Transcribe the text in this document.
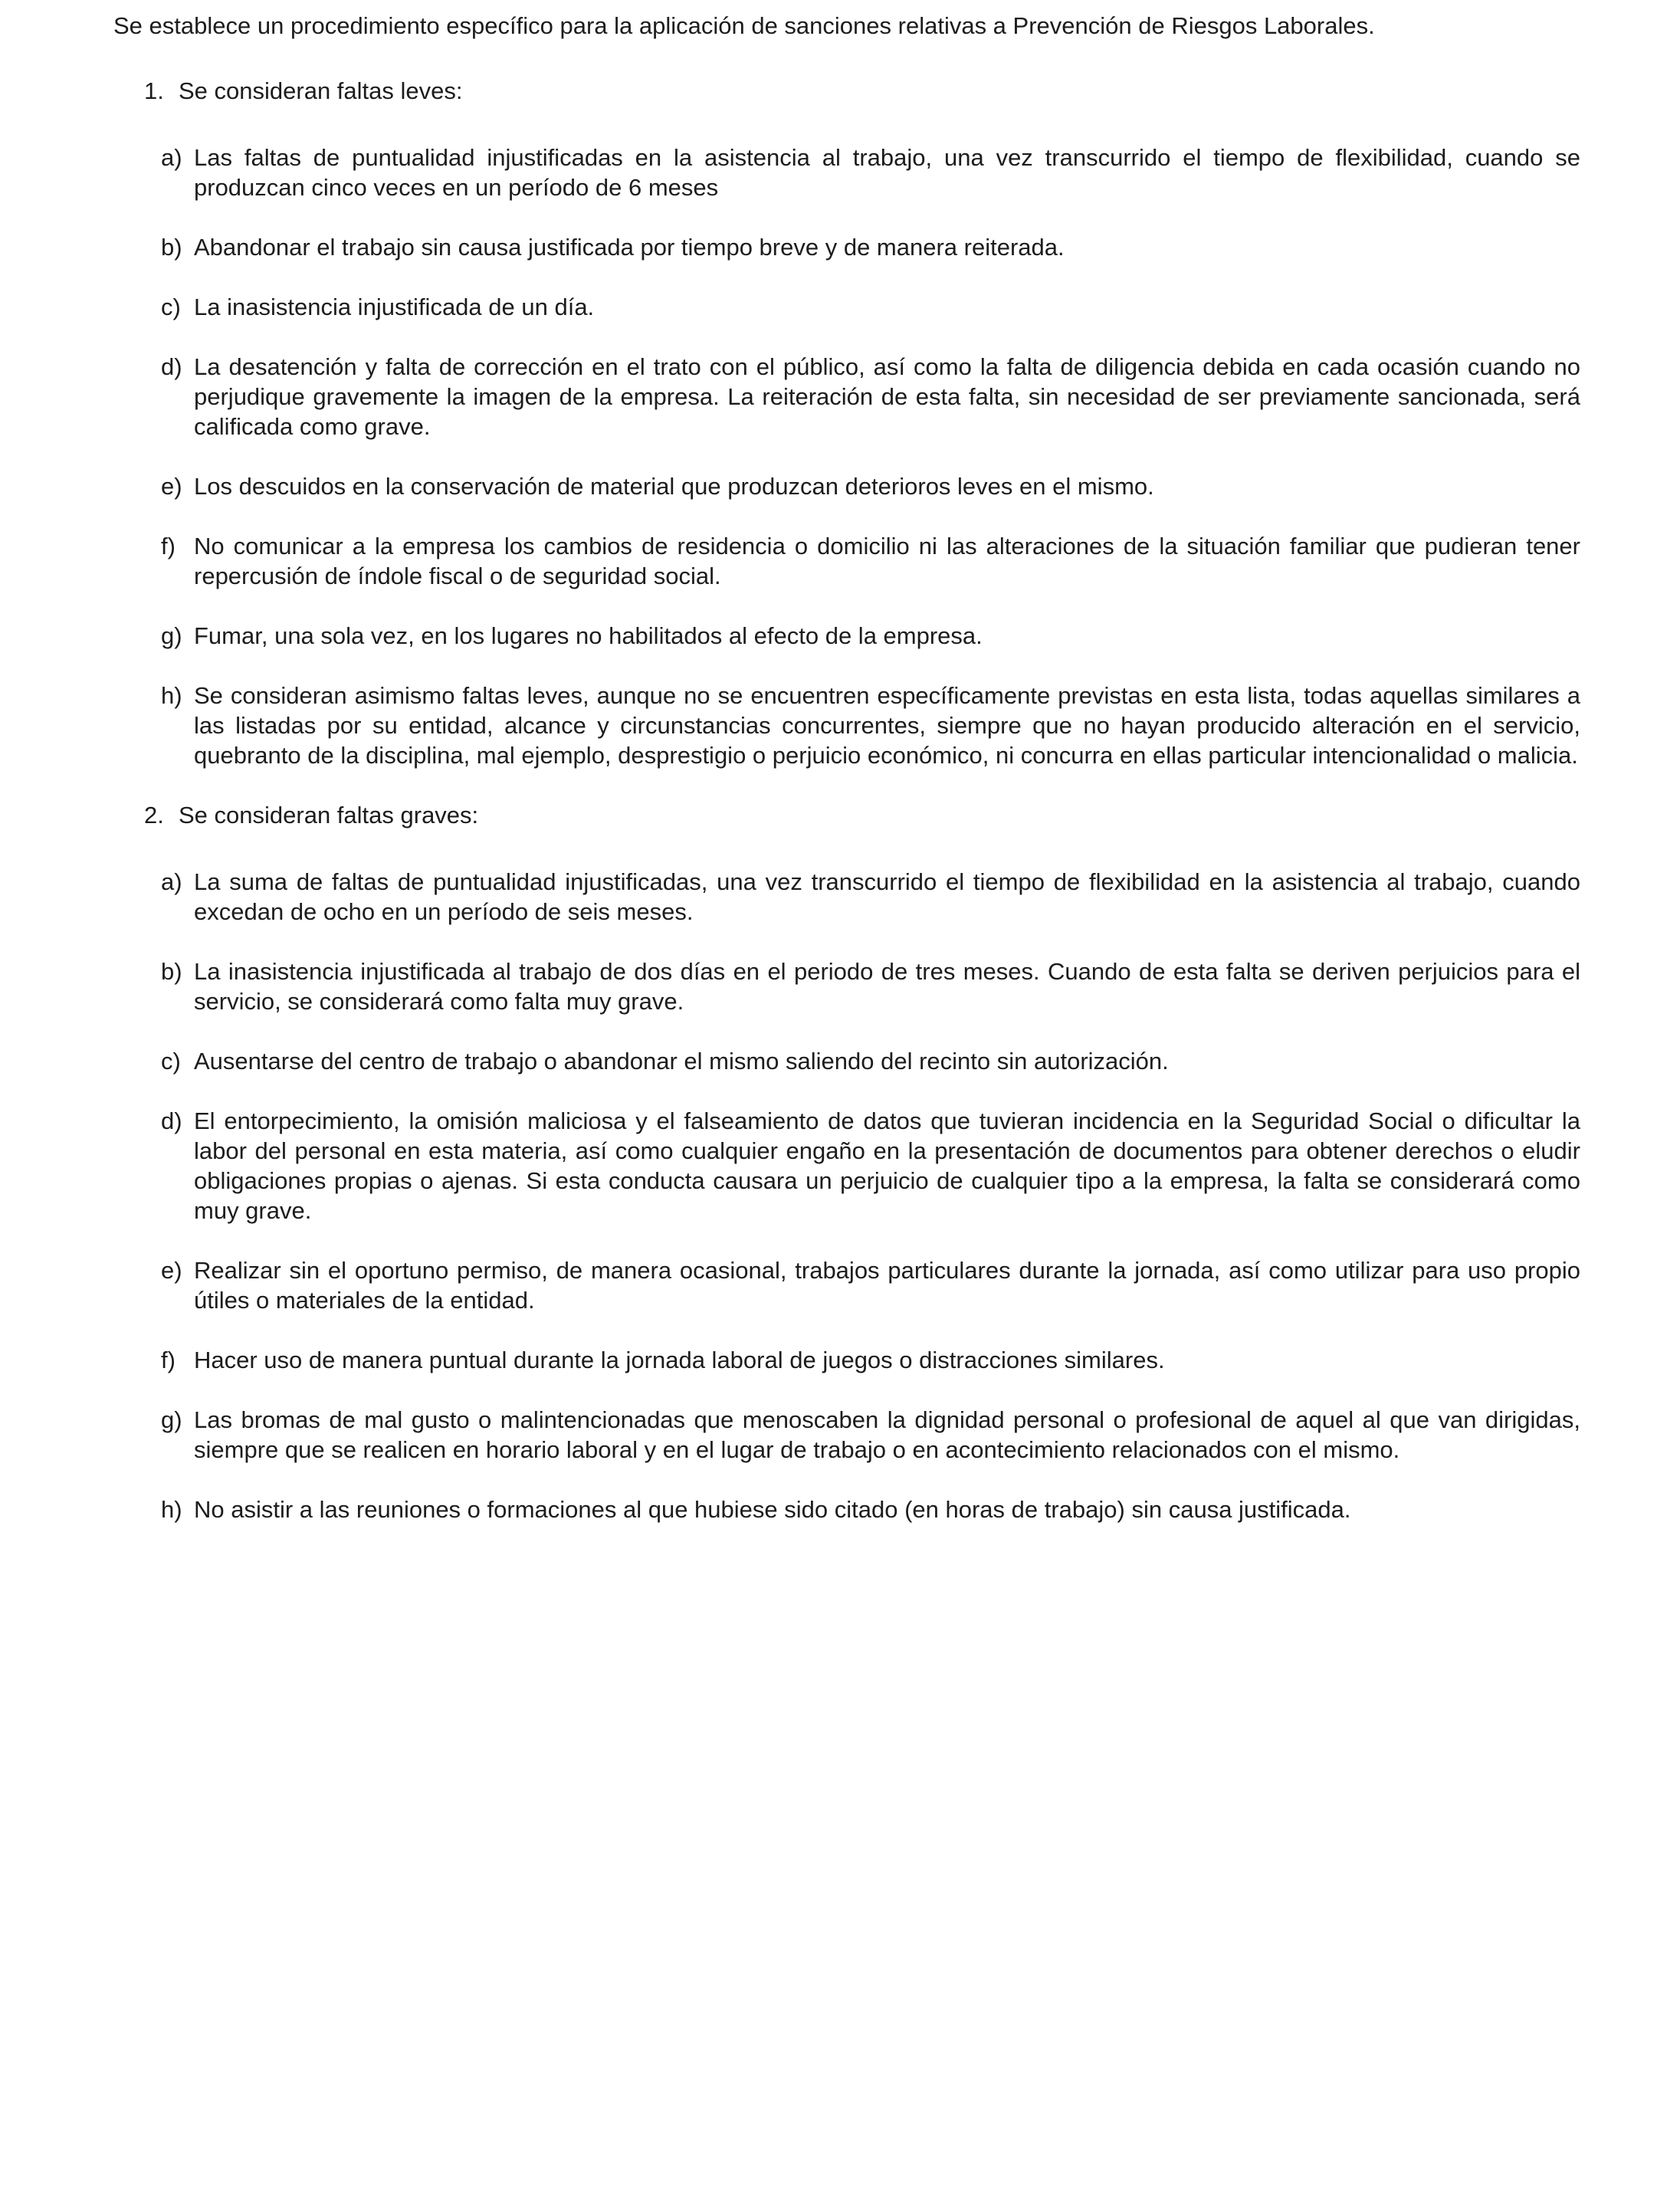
Se establece un procedimiento específico para la aplicación de sanciones relativas a Prevención de Riesgos Laborales.

1. Se consideran faltas leves:
a) Las faltas de puntualidad injustificadas en la asistencia al trabajo, una vez transcurrido el tiempo de flexibilidad, cuando se produzcan cinco veces en un período de 6 meses
b) Abandonar el trabajo sin causa justificada por tiempo breve y de manera reiterada.
c) La inasistencia injustificada de un día.
d) La desatención y falta de corrección en el trato con el público, así como la falta de diligencia debida en cada ocasión cuando no perjudique gravemente la imagen de la empresa. La reiteración de esta falta, sin necesidad de ser previamente sancionada, será calificada como grave.
e) Los descuidos en la conservación de material que produzcan deterioros leves en el mismo.
f) No comunicar a la empresa los cambios de residencia o domicilio ni las alteraciones de la situación familiar que pudieran tener repercusión de índole fiscal o de seguridad social.
g) Fumar, una sola vez, en los lugares no habilitados al efecto de la empresa.
h) Se consideran asimismo faltas leves, aunque no se encuentren específicamente previstas en esta lista, todas aquellas similares a las listadas por su entidad, alcance y circunstancias concurrentes, siempre que no hayan producido alteración en el servicio, quebranto de la disciplina, mal ejemplo, desprestigio o perjuicio económico, ni concurra en ellas particular intencionalidad o malicia.
2. Se consideran faltas graves:
a) La suma de faltas de puntualidad injustificadas, una vez transcurrido el tiempo de flexibilidad en la asistencia al trabajo, cuando excedan de ocho en un período de seis meses.
b) La inasistencia injustificada al trabajo de dos días en el periodo de tres meses. Cuando de esta falta se deriven perjuicios para el servicio, se considerará como falta muy grave.
c) Ausentarse del centro de trabajo o abandonar el mismo saliendo del recinto sin autorización.
d) El entorpecimiento, la omisión maliciosa y el falseamiento de datos que tuvieran incidencia en la Seguridad Social o dificultar la labor del personal en esta materia, así como cualquier engaño en la presentación de documentos para obtener derechos o eludir obligaciones propias o ajenas. Si esta conducta causara un perjuicio de cualquier tipo a la empresa, la falta se considerará como muy grave.
e) Realizar sin el oportuno permiso, de manera ocasional, trabajos particulares durante la jornada, así como utilizar para uso propio útiles o materiales de la entidad.
f) Hacer uso de manera puntual durante la jornada laboral de juegos o distracciones similares.
g) Las bromas de mal gusto o malintencionadas que menoscaben la dignidad personal o profesional de aquel al que van dirigidas, siempre que se realicen en horario laboral y en el lugar de trabajo o en acontecimiento relacionados con el mismo.
h) No asistir a las reuniones o formaciones al que hubiese sido citado (en horas de trabajo) sin causa justificada.
